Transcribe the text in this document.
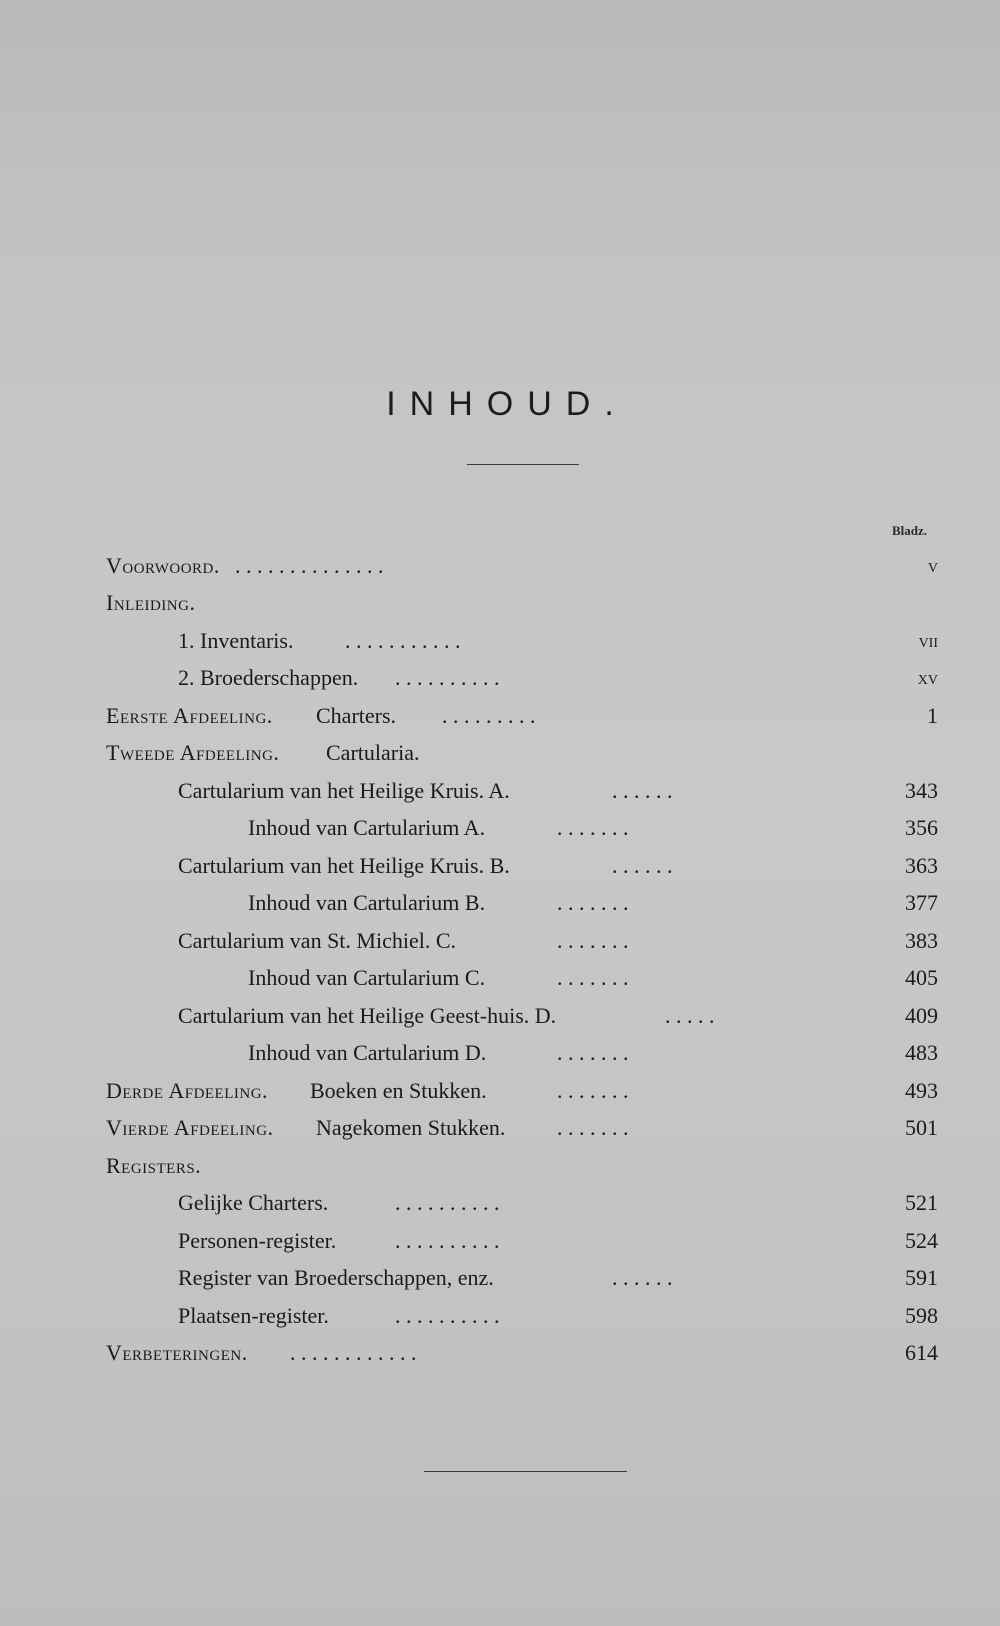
INHOUD.
Bladz.
Voorwoord. . . . . . . . . . . . . . .	v
Inleiding.
1. Inventaris. . . . . . . . . . . .	vii
2. Broederschappen. . . . . . . . . . .	xv
Eerste Afdeeling. Charters. . . . . . . . . .	1
Tweede Afdeeling. Cartularia.
Cartularium van het Heilige Kruis. A.	. . . . . .	343
Inhoud van Cartularium A.	. . . . . . .	356
Cartularium van het Heilige Kruis. B.	. . . . . .	363
Inhoud van Cartularium B.	. . . . . . .	377
Cartularium van St. Michiel. C.	. . . . . . .	383
Inhoud van Cartularium C.	. . . . . . .	405
Cartularium van het Heilige Geest-huis. D.	. . . . .	409
Inhoud van Cartularium D.	. . . . . . .	483
Derde Afdeeling. Boeken en Stukken.	. . . . . . .	493
Vierde Afdeeling. Nagekomen Stukken. . . . . . . .	501
Registers.
Gelijke Charters.	. . . . . . . . . .	521
Personen-register.	. . . . . . . . . .	524
Register van Broederschappen, enz.	. . . . . .	591
Plaatsen-register.	. . . . . . . . . .	598
Verbeteringen. . . . . . . . . . . . .	614
